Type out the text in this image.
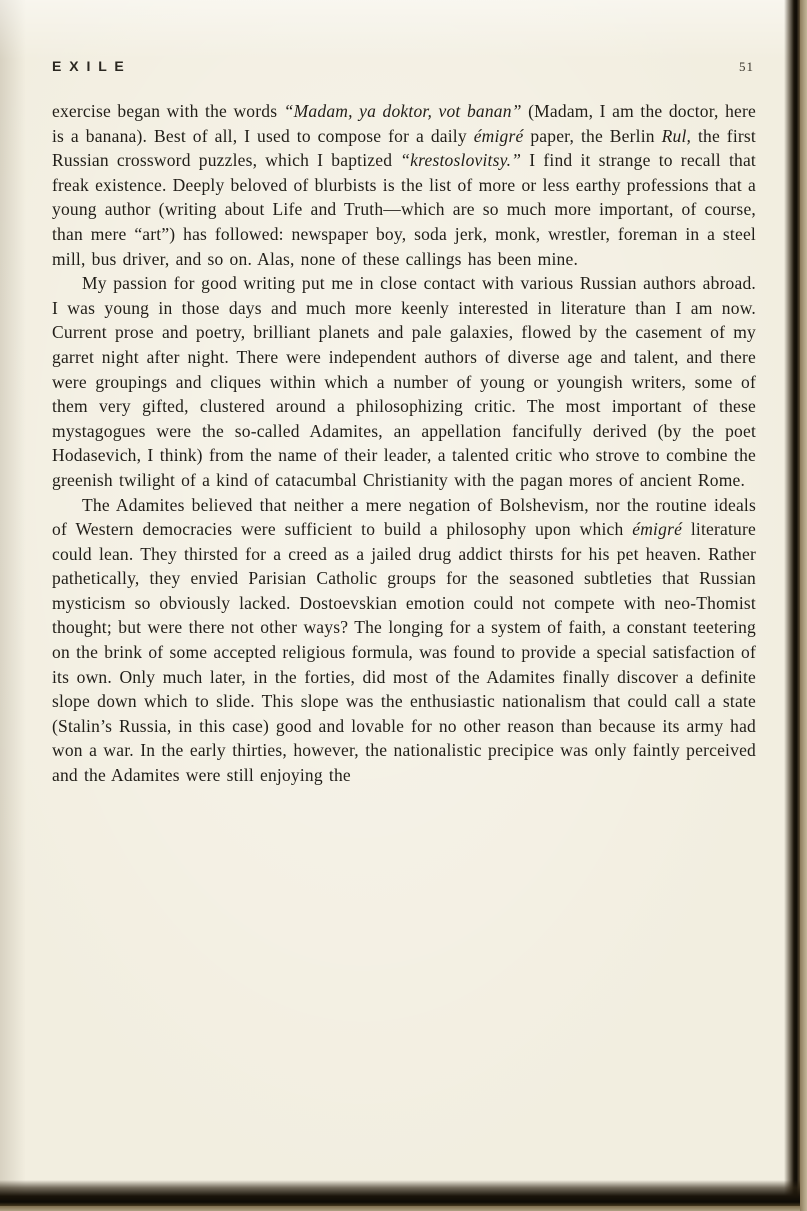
E X I L E	51

exercise began with the words “Madam, ya doktor, vot banan” (Madam, I am the doctor, here is a banana). Best of all, I used to compose for a daily émigré paper, the Berlin Rul, the first Russian crossword puzzles, which I baptized “krestoslovitsy.” I find it strange to recall that freak existence. Deeply beloved of blurbists is the list of more or less earthy professions that a young author (writing about Life and Truth—which are so much more important, of course, than mere “art”) has followed: newspaper boy, soda jerk, monk, wrestler, foreman in a steel mill, bus driver, and so on. Alas, none of these callings has been mine.

My passion for good writing put me in close contact with various Russian authors abroad. I was young in those days and much more keenly interested in literature than I am now. Current prose and poetry, brilliant planets and pale galaxies, flowed by the casement of my garret night after night. There were independent authors of diverse age and talent, and there were groupings and cliques within which a number of young or youngish writers, some of them very gifted, clustered around a philosophizing critic. The most important of these mystagogues were the so-called Adamites, an appellation fancifully derived (by the poet Hodasevich, I think) from the name of their leader, a talented critic who strove to combine the greenish twilight of a kind of catacumbal Christianity with the pagan mores of ancient Rome.

The Adamites believed that neither a mere negation of Bolshevism, nor the routine ideals of Western democracies were sufficient to build a philosophy upon which émigré literature could lean. They thirsted for a creed as a jailed drug addict thirsts for his pet heaven. Rather pathetically, they envied Parisian Catholic groups for the seasoned subtleties that Russian mysticism so obviously lacked. Dostoevskian emotion could not compete with neo-Thomist thought; but were there not other ways? The longing for a system of faith, a constant teetering on the brink of some accepted religious formula, was found to provide a special satisfaction of its own. Only much later, in the forties, did most of the Adamites finally discover a definite slope down which to slide. This slope was the enthusiastic nationalism that could call a state (Stalin’s Russia, in this case) good and lovable for no other reason than because its army had won a war. In the early thirties, however, the nationalistic precipice was only faintly perceived and the Adamites were still enjoying the
